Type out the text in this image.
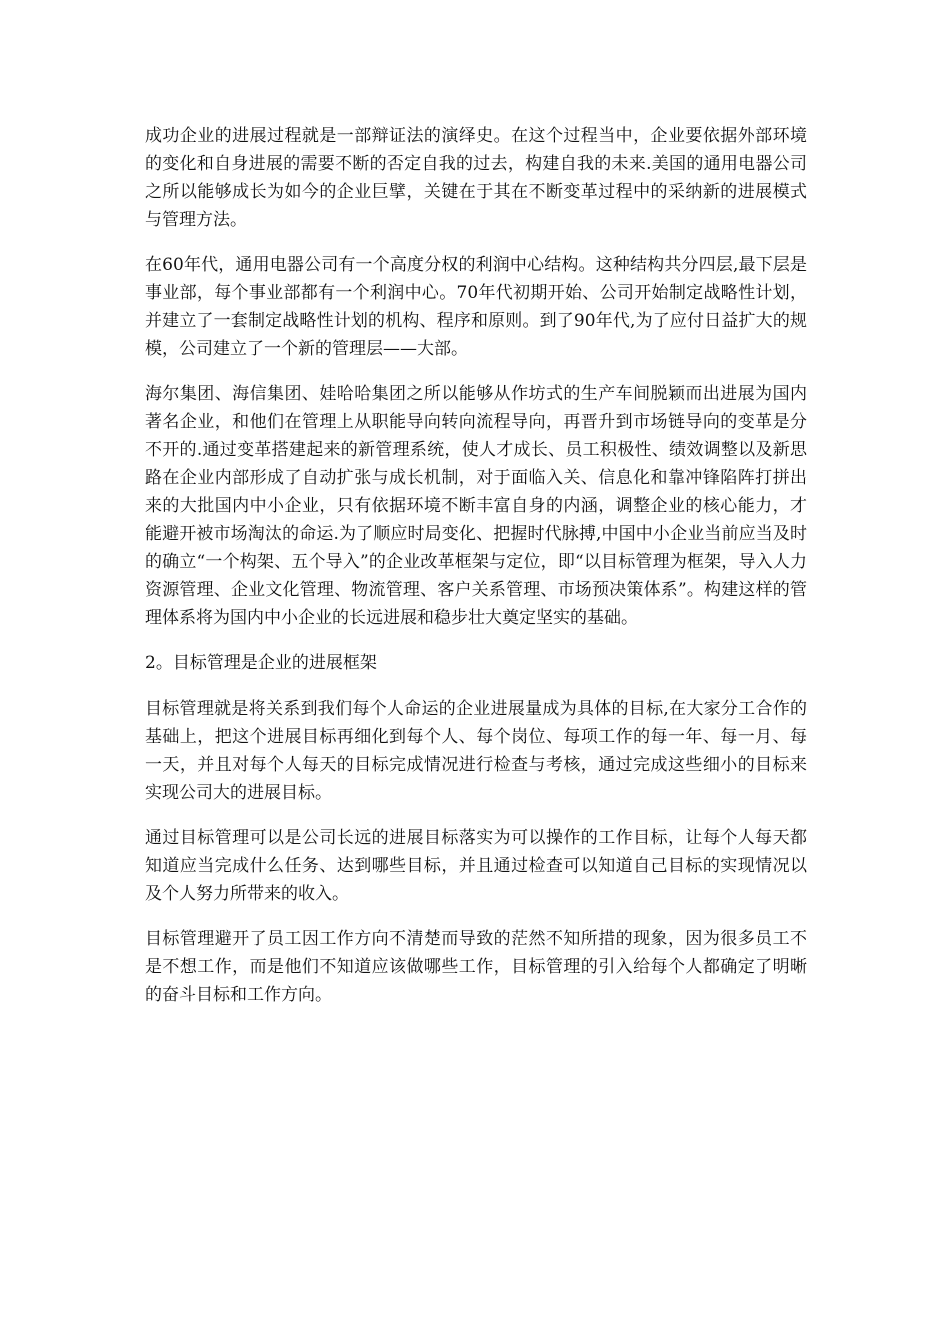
成功企业的进展过程就是一部辩证法的演绎史。在这个过程当中，企业要依据外部环境的变化和自身进展的需要不断的否定自我的过去，构建自我的未来.美国的通用电器公司之所以能够成长为如今的企业巨擘，关键在于其在不断变革过程中的采纳新的进展模式与管理方法。

在60年代，通用电器公司有一个高度分权的利润中心结构。这种结构共分四层,最下层是事业部，每个事业部都有一个利润中心。70年代初期开始、公司开始制定战略性计划，并建立了一套制定战略性计划的机构、程序和原则。到了90年代,为了应付日益扩大的规模，公司建立了一个新的管理层——大部。

海尔集团、海信集团、娃哈哈集团之所以能够从作坊式的生产车间脱颖而出进展为国内著名企业，和他们在管理上从职能导向转向流程导向，再晋升到市场链导向的变革是分不开的.通过变革搭建起来的新管理系统，使人才成长、员工积极性、绩效调整以及新思路在企业内部形成了自动扩张与成长机制，对于面临入关、信息化和靠冲锋陷阵打拼出来的大批国内中小企业，只有依据环境不断丰富自身的内涵，调整企业的核心能力，才能避开被市场淘汰的命运.为了顺应时局变化、把握时代脉搏,中国中小企业当前应当及时的确立“一个构架、五个导入”的企业改革框架与定位，即“以目标管理为框架，导入人力资源管理、企业文化管理、物流管理、客户关系管理、市场预决策体系”。构建这样的管理体系将为国内中小企业的长远进展和稳步壮大奠定坚实的基础。

2。目标管理是企业的进展框架

目标管理就是将关系到我们每个人命运的企业进展量成为具体的目标,在大家分工合作的基础上，把这个进展目标再细化到每个人、每个岗位、每项工作的每一年、每一月、每一天，并且对每个人每天的目标完成情况进行检查与考核，通过完成这些细小的目标来实现公司大的进展目标。

通过目标管理可以是公司长远的进展目标落实为可以操作的工作目标，让每个人每天都知道应当完成什么任务、达到哪些目标，并且通过检查可以知道自己目标的实现情况以及个人努力所带来的收入。

目标管理避开了员工因工作方向不清楚而导致的茫然不知所措的现象，因为很多员工不是不想工作，而是他们不知道应该做哪些工作，目标管理的引入给每个人都确定了明晰的奋斗目标和工作方向。
